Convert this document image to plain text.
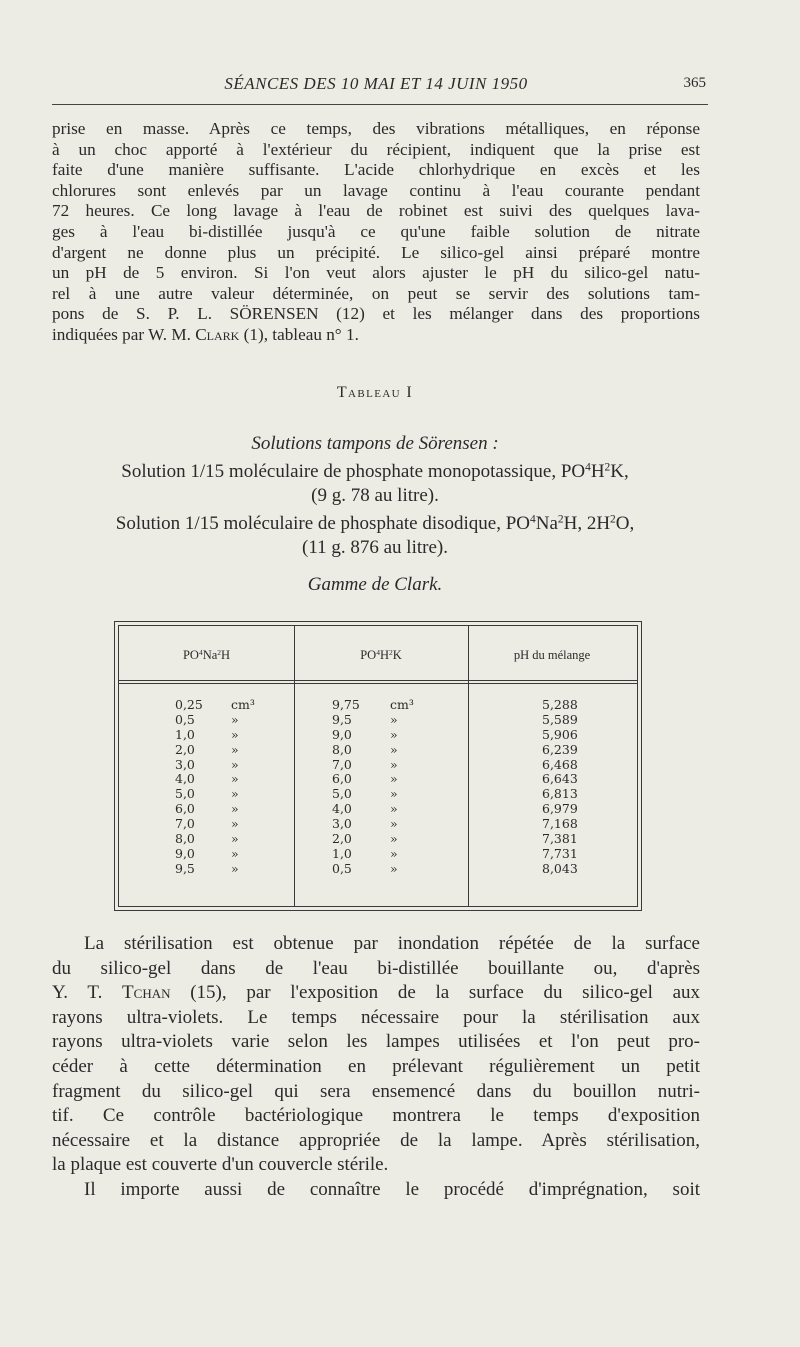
SÉANCES DES 10 MAI ET 14 JUIN 1950	365
prise en masse. Après ce temps, des vibrations métalliques, en réponse
à un choc apporté à l'extérieur du récipient, indiquent que la prise est
faite d'une manière suffisante. L'acide chlorhydrique en excès et les
chlorures sont enlevés par un lavage continu à l'eau courante pendant
72 heures. Ce long lavage à l'eau de robinet est suivi des quelques lava-
ges à l'eau bi-distillée jusqu'à ce qu'une faible solution de nitrate
d'argent ne donne plus un précipité. Le silico-gel ainsi préparé montre
un pH de 5 environ. Si l'on veut alors ajuster le pH du silico-gel natu-
rel à une autre valeur déterminée, on peut se servir des solutions tam-
pons de S. P. L. SÖRENSEN (12) et les mélanger dans des proportions
indiquées par W. M. Clark (1), tableau n° 1.
Tableau I
Solutions tampons de Sörensen :
Solution 1/15 moléculaire de phosphate monopotassique, $PO^4H^2K$,
(9 g. 78 au litre).
Solution 1/15 moléculaire de phosphate disodique, $PO^4Na^2H$, $2H^2O$,
(11 g. 876 au litre).
Gamme de Clark.
$PO^4Na^2H$	$PO^4H^2K$	pH du mélange
0,25 cm³	9,75 cm³	5,288
0,5	»	9,5	»	5,589
1,0	»	9,0	»	5,906
2,0	»	8,0	»	6,239
3,0	»	7,0	»	6,468
4,0	»	6,0	»	6,643
5,0	»	5,0	»	6,813
6,0	»	4,0	»	6,979
7,0	»	3,0	»	7,168
8,0	»	2,0	»	7,381
9,0	»	1,0	»	7,731
9,5	»	0,5	»	8,043
La stérilisation est obtenue par inondation répétée de la surface
du silico-gel dans de l'eau bi-distillée bouillante ou, d'après
Y. T. Tchan (15), par l'exposition de la surface du silico-gel aux
rayons ultra-violets. Le temps nécessaire pour la stérilisation aux
rayons ultra-violets varie selon les lampes utilisées et l'on peut pro-
céder à cette détermination en prélevant régulièrement un petit
fragment du silico-gel qui sera ensemencé dans du bouillon nutri-
tif. Ce contrôle bactériologique montrera le temps d'exposition
nécessaire et la distance appropriée de la lampe. Après stérilisation,
la plaque est couverte d'un couvercle stérile.
Il importe aussi de connaître le procédé d'imprégnation, soit
